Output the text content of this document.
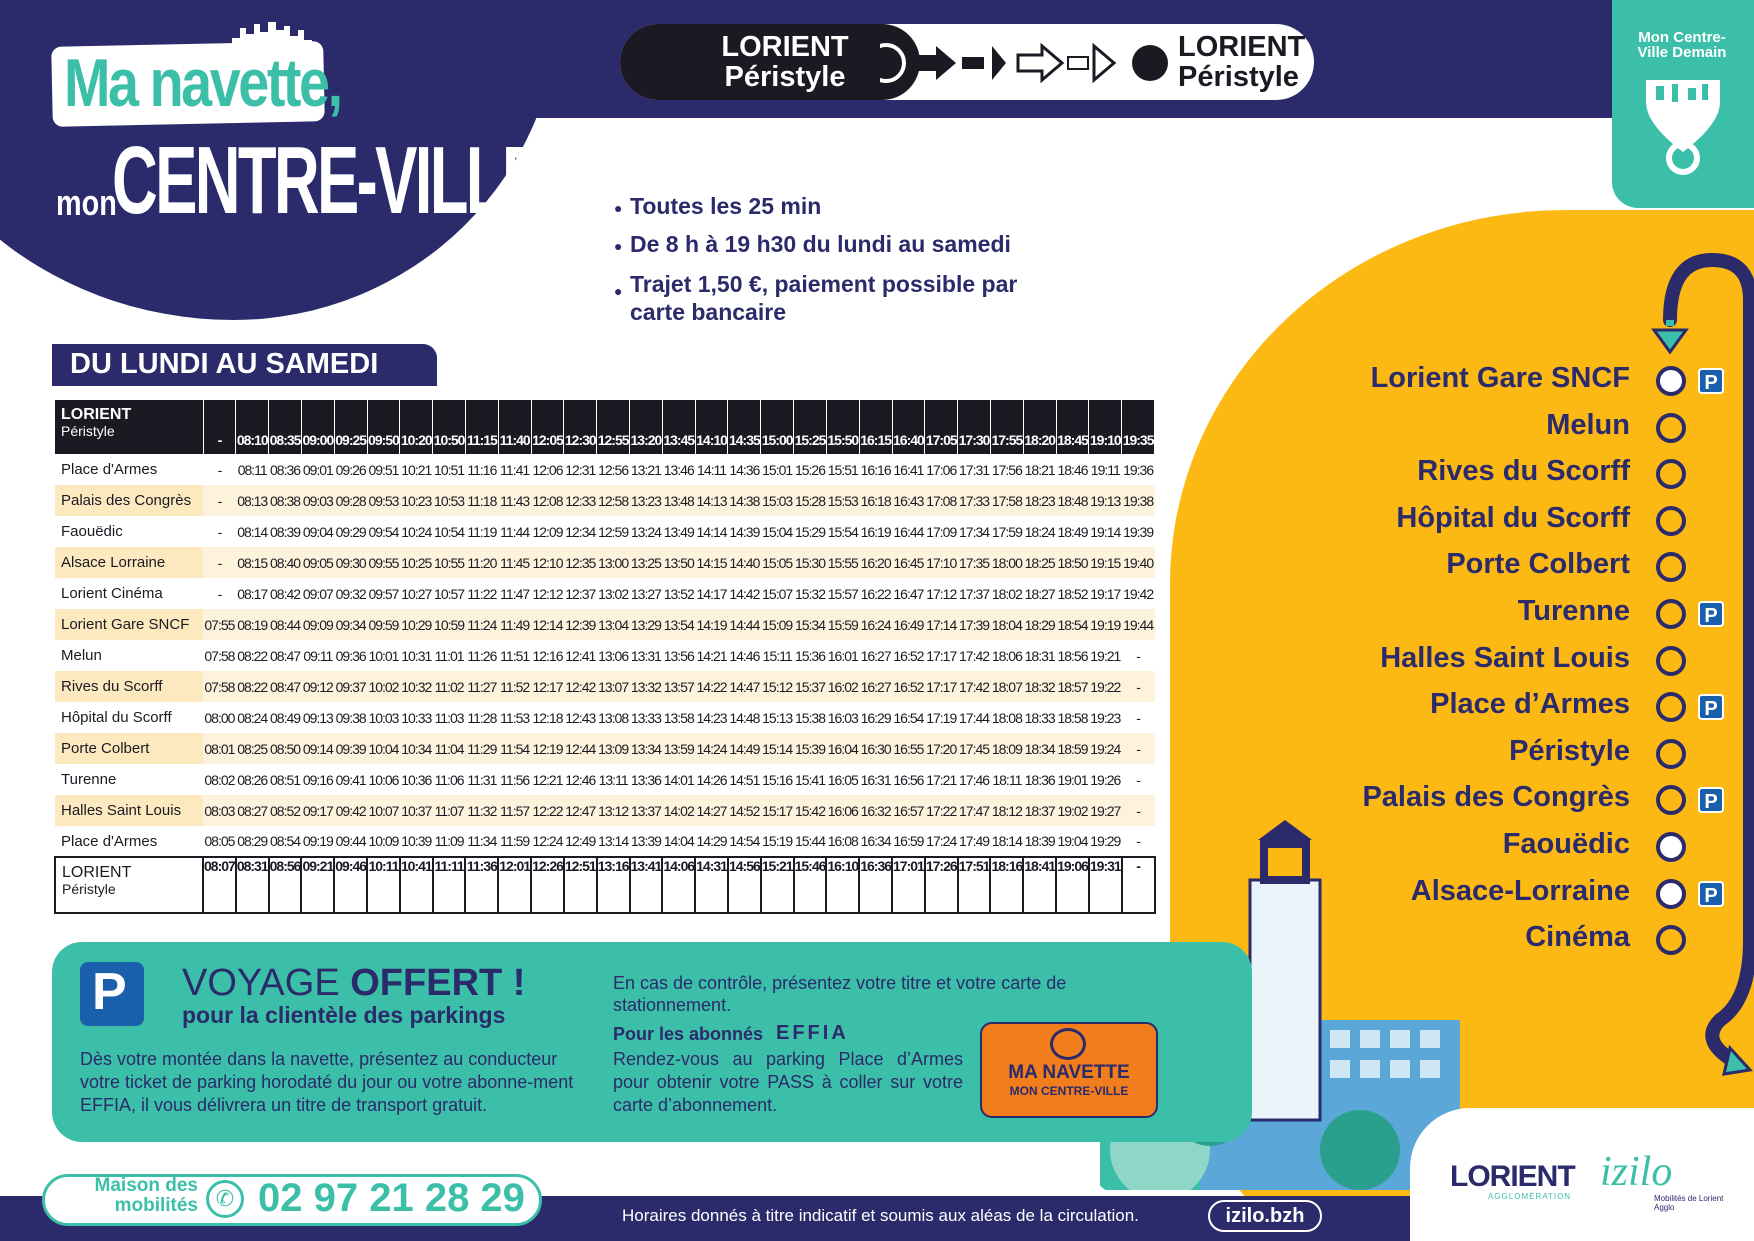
Ma navette,
mon
CENTRE-VILLE
LORIENT
Péristyle
LORIENT
Péristyle
Mon Centre-Ville Demain
● Toutes les 25 min
● De 8 h à 19 h30 du lundi au samedi
● Trajet 1,50 €, paiement possible par carte bancaire
DU LUNDI AU SAMEDI
LORIENT
Péristyle	-	08:10	08:35	09:00	09:25	09:50	10:20	10:50	11:15	11:40	12:05	12:30	12:55	13:20	13:45	14:10	14:35	15:00	15:25	15:50	16:15	16:40	17:05	17:30	17:55	18:20	18:45	19:10	19:35
Place d'Armes	-	08:11	08:36	09:01	09:26	09:51	10:21	10:51	11:16	11:41	12:06	12:31	12:56	13:21	13:46	14:11	14:36	15:01	15:26	15:51	16:16	16:41	17:06	17:31	17:56	18:21	18:46	19:11	19:36
Palais des Congrès	-	08:13	08:38	09:03	09:28	09:53	10:23	10:53	11:18	11:43	12:08	12:33	12:58	13:23	13:48	14:13	14:38	15:03	15:28	15:53	16:18	16:43	17:08	17:33	17:58	18:23	18:48	19:13	19:38
Faouëdic	-	08:14	08:39	09:04	09:29	09:54	10:24	10:54	11:19	11:44	12:09	12:34	12:59	13:24	13:49	14:14	14:39	15:04	15:29	15:54	16:19	16:44	17:09	17:34	17:59	18:24	18:49	19:14	19:39
Alsace Lorraine	-	08:15	08:40	09:05	09:30	09:55	10:25	10:55	11:20	11:45	12:10	12:35	13:00	13:25	13:50	14:15	14:40	15:05	15:30	15:55	16:20	16:45	17:10	17:35	18:00	18:25	18:50	19:15	19:40
Lorient Cinéma	-	08:17	08:42	09:07	09:32	09:57	10:27	10:57	11:22	11:47	12:12	12:37	13:02	13:27	13:52	14:17	14:42	15:07	15:32	15:57	16:22	16:47	17:12	17:37	18:02	18:27	18:52	19:17	19:42
Lorient Gare SNCF	07:55	08:19	08:44	09:09	09:34	09:59	10:29	10:59	11:24	11:49	12:14	12:39	13:04	13:29	13:54	14:19	14:44	15:09	15:34	15:59	16:24	16:49	17:14	17:39	18:04	18:29	18:54	19:19	19:44
Melun	07:58	08:22	08:47	09:11	09:36	10:01	10:31	11:01	11:26	11:51	12:16	12:41	13:06	13:31	13:56	14:21	14:46	15:11	15:36	16:01	16:27	16:52	17:17	17:42	18:06	18:31	18:56	19:21	-
Rives du Scorff	07:58	08:22	08:47	09:12	09:37	10:02	10:32	11:02	11:27	11:52	12:17	12:42	13:07	13:32	13:57	14:22	14:47	15:12	15:37	16:02	16:27	16:52	17:17	17:42	18:07	18:32	18:57	19:22	-
Hôpital du Scorff	08:00	08:24	08:49	09:13	09:38	10:03	10:33	11:03	11:28	11:53	12:18	12:43	13:08	13:33	13:58	14:23	14:48	15:13	15:38	16:03	16:29	16:54	17:19	17:44	18:08	18:33	18:58	19:23	-
Porte Colbert	08:01	08:25	08:50	09:14	09:39	10:04	10:34	11:04	11:29	11:54	12:19	12:44	13:09	13:34	13:59	14:24	14:49	15:14	15:39	16:04	16:30	16:55	17:20	17:45	18:09	18:34	18:59	19:24	-
Turenne	08:02	08:26	08:51	09:16	09:41	10:06	10:36	11:06	11:31	11:56	12:21	12:46	13:11	13:36	14:01	14:26	14:51	15:16	15:41	16:05	16:31	16:56	17:21	17:46	18:11	18:36	19:01	19:26	-
Halles Saint Louis	08:03	08:27	08:52	09:17	09:42	10:07	10:37	11:07	11:32	11:57	12:22	12:47	13:12	13:37	14:02	14:27	14:52	15:17	15:42	16:06	16:32	16:57	17:22	17:47	18:12	18:37	19:02	19:27	-
Place d'Armes	08:05	08:29	08:54	09:19	09:44	10:09	10:39	11:09	11:34	11:59	12:24	12:49	13:14	13:39	14:04	14:29	14:54	15:19	15:44	16:08	16:34	16:59	17:24	17:49	18:14	18:39	19:04	19:29	-

LORIENT
Péristyle	08:07	08:31	08:56	09:21	09:46	10:11	10:41	11:11	11:36	12:01	12:26	12:51	13:16	13:41	14:06	14:31	14:56	15:21	15:46	16:10	16:36	17:01	17:26	17:51	18:16	18:41	19:06	19:31	-
Lorient Gare SNCF	P
Melun
Rives du Scorff
Hôpital du Scorff
Porte Colbert
Turenne	P
Halles Saint Louis
Place d’Armes	P
Péristyle
Palais des Congrès	P
Faouëdic
Alsace-Lorraine	P
Cinéma
P	VOYAGE OFFERT !
pour la clientèle des parkings
Dès votre montée dans la navette, présentez au conducteur votre ticket de parking horodaté du jour ou votre abonne-ment EFFIA, il vous délivrera un titre de transport gratuit.
En cas de contrôle, présentez votre titre et votre carte de stationnement.
Pour les abonnés EFFIA
Rendez-vous au parking Place d’Armes pour obtenir votre PASS à coller sur votre carte d’abonnement.
MA NAVETTE
MON CENTRE-VILLE
Maison des mobilités ✆ 02 97 21 28 29	Horaires donnés à titre indicatif et soumis aux aléas de la circulation.	izilo.bzh
LORIENT
AGGLOMÉRATION
izilo
Mobilités de Lorient Agglo
